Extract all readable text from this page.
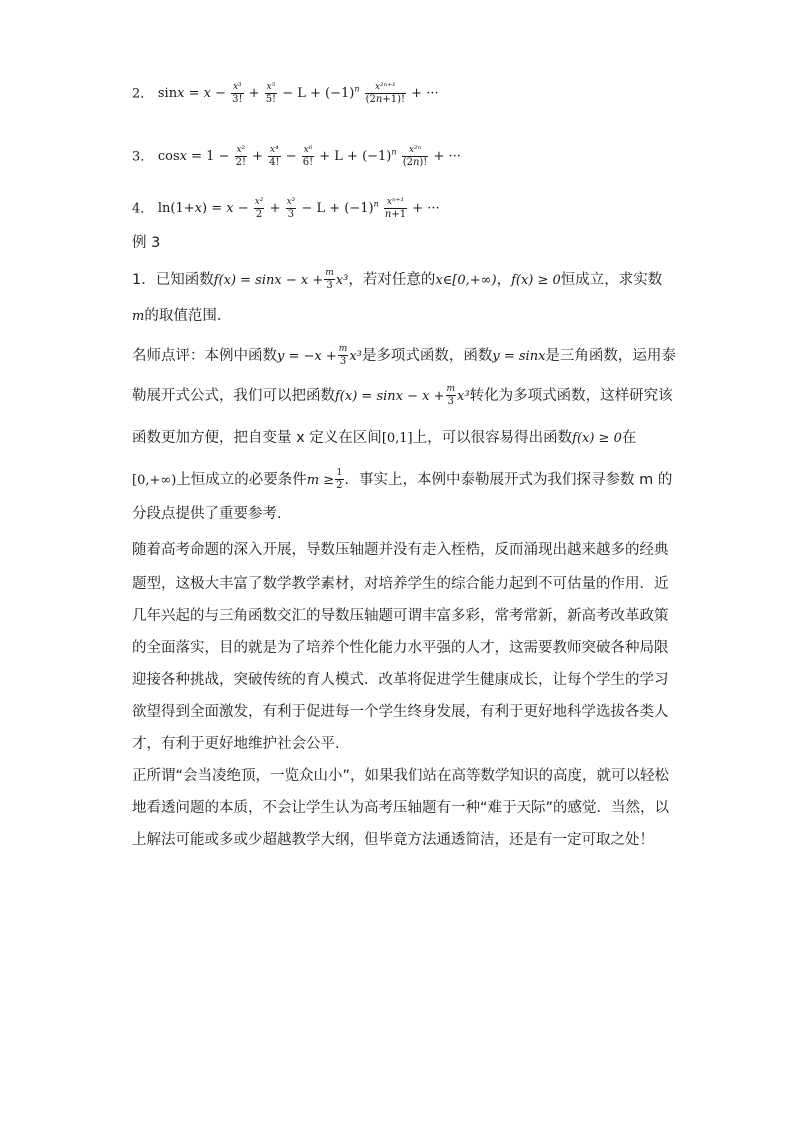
2． $\sin x = x - \frac{\text{x³}}{3!} + \frac{\text{x⁵}}{5!} - L + (-1)^n \frac{\text{x²ⁿ⁺¹}}{(2n+1)!}$ + ···
3． $\cos x = 1 - \frac{\text{x²}}{2!} + \frac{\text{x⁴}}{4!} - \frac{\text{x⁶}}{6!} + L + (-1)^n \frac{\text{x²ⁿ}}{(2n)!}$ + ···
4． $\ln(1+x) = x - \frac{\text{x²}}{2} + \frac{\text{x³}}{3} - L + (-1)^n \frac{\text{xⁿ⁺¹}}{n+1}$ + ···
例 3
1．已知函数$f(x) = \sin x - x + \frac{m}{3} x^3$，若对任意的x∈[0,+∞)，f(x) ≥ 0恒成立，求实数
m的取值范围．
名师点评：本例中函数$y = -x + \frac{m}{3} x^3$是多项式函数，函数y = sinx是三角函数，运用泰
勒展开式公式，我们可以把函数$f(x) = \sin x - x + \frac{m}{3} x^3$转化为多项式函数，这样研究该
函数更加方便，把自变量 x 定义在区间[0,1]上，可以很容易得出函数f(x) ≥ 0在
[0,+∞)上恒成立的必要条件$m \ge \frac{1}{2}$ ．事实上，本例中泰勒展开式为我们探寻参数 m 的
分段点提供了重要参考．
随着高考命题的深入开展，导数压轴题并没有走入桎梏，反而涌现出越来越多的经典
题型，这极大丰富了数学教学素材，对培养学生的综合能力起到不可估量的作用．近
几年兴起的与三角函数交汇的导数压轴题可谓丰富多彩，常考常新，新高考改革政策
的全面落实，目的就是为了培养个性化能力水平强的人才，这需要教师突破各种局限
迎接各种挑战，突破传统的育人模式．改革将促进学生健康成长，让每个学生的学习
欲望得到全面激发，有利于促进每一个学生终身发展，有利于更好地科学选拔各类人
才，有利于更好地维护社会公平．
正所谓“会当凌绝顶，一览众山小”，如果我们站在高等数学知识的高度，就可以轻松
地看透问题的本质，不会让学生认为高考压轴题有一种“难于天际”的感觉．当然，以
上解法可能或多或少超越教学大纲，但毕竟方法通透简洁，还是有一定可取之处！
